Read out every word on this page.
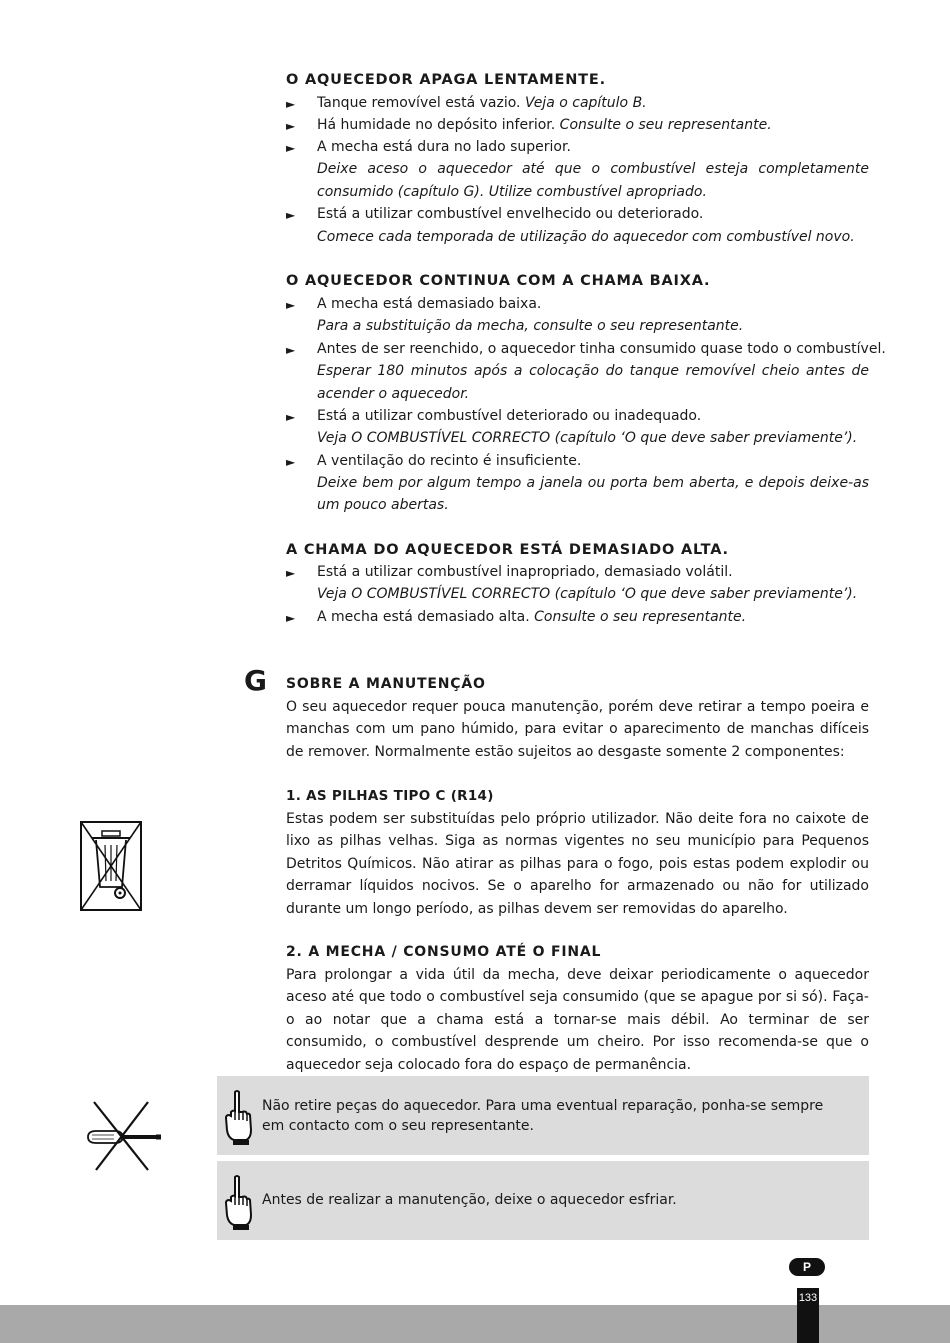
O AQUECEDOR APAGA LENTAMENTE.
► Tanque removível está vazio. Veja o capítulo B.
► Há humidade no depósito inferior. Consulte o seu representante.
► A mecha está dura no lado superior.
Deixe aceso o aquecedor até que o combustível esteja completamente
consumido (capítulo G). Utilize combustível apropriado.
► Está a utilizar combustível envelhecido ou deteriorado.
Comece cada temporada de utilização do aquecedor com combustível novo.
O AQUECEDOR CONTINUA COM A CHAMA BAIXA.
► A mecha está demasiado baixa.
Para a substituição da mecha, consulte o seu representante.
► Antes de ser reenchido, o aquecedor tinha consumido quase todo o combustível.
Esperar 180 minutos após a colocação do tanque removível cheio antes de
acender o aquecedor.
► Está a utilizar combustível deteriorado ou inadequado.
Veja O COMBUSTÍVEL CORRECTO (capítulo ‘O que deve saber previamente’).
► A ventilação do recinto é insuficiente.
Deixe bem por algum tempo a janela ou porta bem aberta, e depois deixe-as
um pouco abertas.
A CHAMA DO AQUECEDOR ESTÁ DEMASIADO ALTA.
► Está a utilizar combustível inapropriado, demasiado volátil.
Veja O COMBUSTÍVEL CORRECTO (capítulo ‘O que deve saber previamente’).
► A mecha está demasiado alta. Consulte o seu representante.
G SOBRE A MANUTENÇÃO
O seu aquecedor requer pouca manutenção, porém deve retirar a tempo poeira e manchas com um pano húmido, para evitar o aparecimento de manchas difíceis de remover. Normalmente estão sujeitos ao desgaste somente 2 componentes:
1. AS PILHAS TIPO C (R14)
Estas podem ser substituídas pelo próprio utilizador. Não deite fora no caixote de lixo as pilhas velhas. Siga as normas vigentes no seu município para Pequenos Detritos Químicos. Não atirar as pilhas para o fogo, pois estas podem explodir ou derramar líquidos nocivos. Se o aparelho for armazenado ou não for utilizado durante um longo período, as pilhas devem ser removidas do aparelho.
2. A MECHA / CONSUMO ATÉ O FINAL
Para prolongar a vida útil da mecha, deve deixar periodicamente o aquecedor aceso até que todo o combustível seja consumido (que se apague por si só). Faça-o ao notar que a chama está a tornar-se mais débil. Ao terminar de ser consumido, o combustível desprende um cheiro. Por isso recomenda-se que o aquecedor seja colocado fora do espaço de permanência.
Não retire peças do aquecedor. Para uma eventual reparação, ponha-se sempre
em contacto com o seu representante.
Antes de realizar a manutenção, deixe o aquecedor esfriar.
P
133
